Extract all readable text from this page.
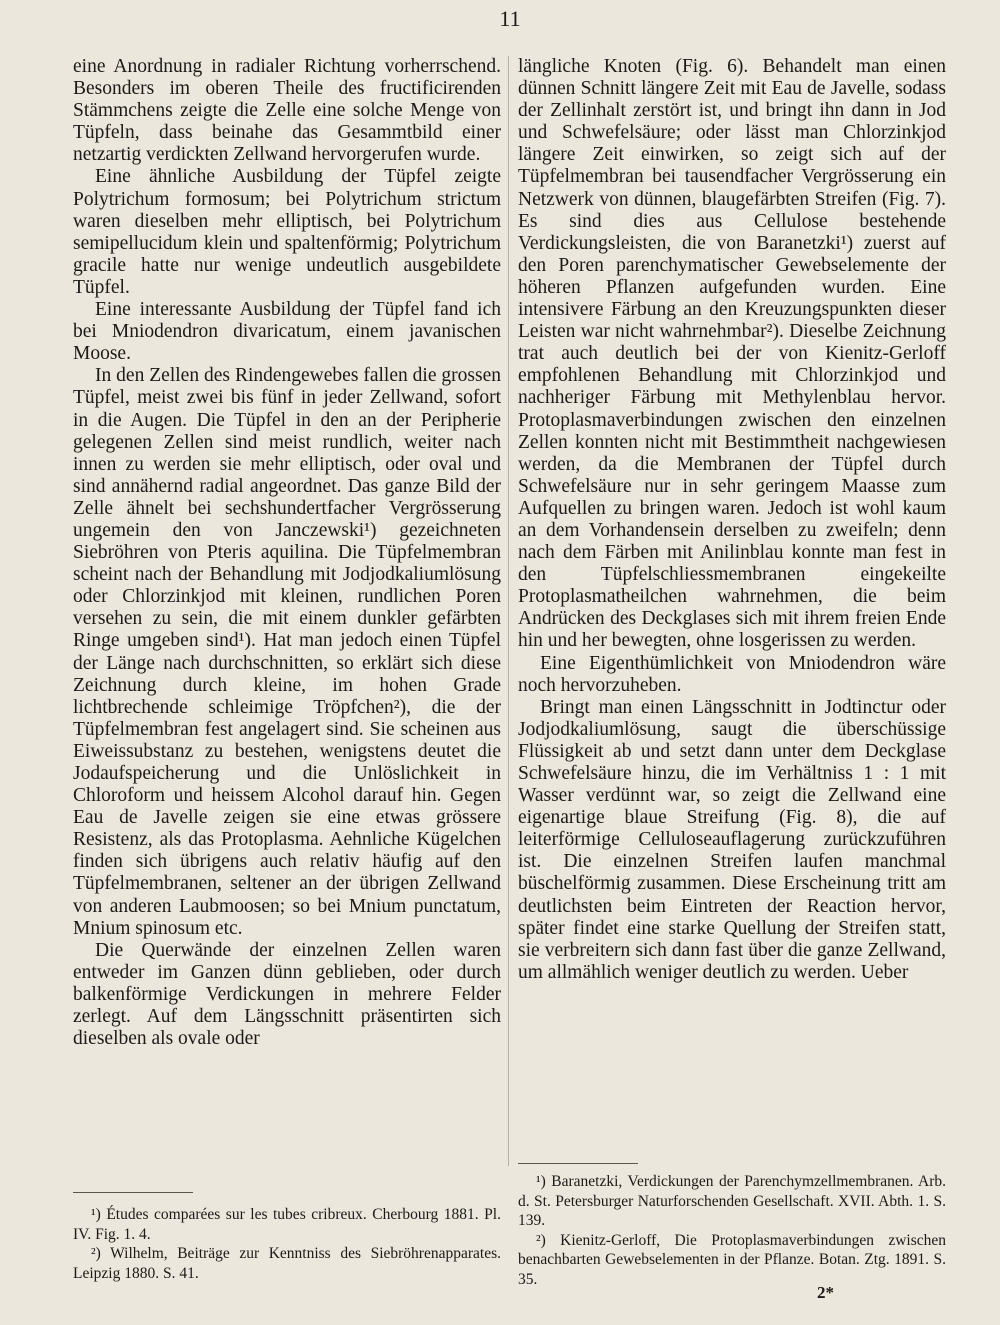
11

eine Anordnung in radialer Richtung vorherrschend. Besonders im oberen Theile des fructificirenden Stämmchens zeigte die Zelle eine solche Menge von Tüpfeln, dass beinahe das Gesammtbild einer netzartig verdickten Zellwand hervorgerufen wurde.

Eine ähnliche Ausbildung der Tüpfel zeigte Polytrichum formosum; bei Polytrichum strictum waren dieselben mehr elliptisch, bei Polytrichum semipellucidum klein und spaltenförmig; Polytrichum gracile hatte nur wenige undeutlich ausgebildete Tüpfel.

Eine interessante Ausbildung der Tüpfel fand ich bei Mniodendron divaricatum, einem javanischen Moose.

In den Zellen des Rindengewebes fallen die grossen Tüpfel, meist zwei bis fünf in jeder Zellwand, sofort in die Augen. Die Tüpfel in den an der Peripherie gelegenen Zellen sind meist rundlich, weiter nach innen zu werden sie mehr elliptisch, oder oval und sind annähernd radial angeordnet. Das ganze Bild der Zelle ähnelt bei sechshundertfacher Vergrösserung ungemein den von Janczewski¹) gezeichneten Siebröhren von Pteris aquilina. Die Tüpfelmembran scheint nach der Behandlung mit Jodjodkaliumlösung oder Chlorzinkjod mit kleinen, rundlichen Poren versehen zu sein, die mit einem dunkler gefärbten Ringe umgeben sind¹). Hat man jedoch einen Tüpfel der Länge nach durchschnitten, so erklärt sich diese Zeichnung durch kleine, im hohen Grade lichtbrechende schleimige Tröpfchen²), die der Tüpfelmembran fest angelagert sind. Sie scheinen aus Eiweissubstanz zu bestehen, wenigstens deutet die Jodaufspeicherung und die Unlöslichkeit in Chloroform und heissem Alcohol darauf hin. Gegen Eau de Javelle zeigen sie eine etwas grössere Resistenz, als das Protoplasma. Aehnliche Kügelchen finden sich übrigens auch relativ häufig auf den Tüpfelmembranen, seltener an der übrigen Zellwand von anderen Laubmoosen; so bei Mnium punctatum, Mnium spinosum etc.

Die Querwände der einzelnen Zellen waren entweder im Ganzen dünn geblieben, oder durch balkenförmige Verdickungen in mehrere Felder zerlegt. Auf dem Längsschnitt präsentirten sich dieselben als ovale oder

längliche Knoten (Fig. 6). Behandelt man einen dünnen Schnitt längere Zeit mit Eau de Javelle, sodass der Zellinhalt zerstört ist, und bringt ihn dann in Jod und Schwefelsäure; oder lässt man Chlorzinkjod längere Zeit einwirken, so zeigt sich auf der Tüpfelmembran bei tausendfacher Vergrösserung ein Netzwerk von dünnen, blaugefärbten Streifen (Fig. 7). Es sind dies aus Cellulose bestehende Verdickungsleisten, die von Baranetzki¹) zuerst auf den Poren parenchymatischer Gewebselemente der höheren Pflanzen aufgefunden wurden. Eine intensivere Färbung an den Kreuzungspunkten dieser Leisten war nicht wahrnehmbar²). Dieselbe Zeichnung trat auch deutlich bei der von Kienitz-Gerloff empfohlenen Behandlung mit Chlorzinkjod und nachheriger Färbung mit Methylenblau hervor. Protoplasmaverbindungen zwischen den einzelnen Zellen konnten nicht mit Bestimmtheit nachgewiesen werden, da die Membranen der Tüpfel durch Schwefelsäure nur in sehr geringem Maasse zum Aufquellen zu bringen waren. Jedoch ist wohl kaum an dem Vorhandensein derselben zu zweifeln; denn nach dem Färben mit Anilinblau konnte man fest in den Tüpfelschliessmembranen eingekeilte Protoplasmatheilchen wahrnehmen, die beim Andrücken des Deckglases sich mit ihrem freien Ende hin und her bewegten, ohne losgerissen zu werden.

Eine Eigenthümlichkeit von Mniodendron wäre noch hervorzuheben.

Bringt man einen Längsschnitt in Jodtinctur oder Jodjodkaliumlösung, saugt die überschüssige Flüssigkeit ab und setzt dann unter dem Deckglase Schwefelsäure hinzu, die im Verhältniss 1 : 1 mit Wasser verdünnt war, so zeigt die Zellwand eine eigenartige blaue Streifung (Fig. 8), die auf leiterförmige Celluloseauflagerung zurückzuführen ist. Die einzelnen Streifen laufen manchmal büschelförmig zusammen. Diese Erscheinung tritt am deutlichsten beim Eintreten der Reaction hervor, später findet eine starke Quellung der Streifen statt, sie verbreitern sich dann fast über die ganze Zellwand, um allmählich weniger deutlich zu werden. Ueber

¹) Études comparées sur les tubes cribreux. Cherbourg 1881. Pl. IV. Fig. 1. 4.

²) Wilhelm, Beiträge zur Kenntniss des Siebröhrenapparates. Leipzig 1880. S. 41.

¹) Baranetzki, Verdickungen der Parenchymzellmembranen. Arb. d. St. Petersburger Naturforschenden Gesellschaft. XVII. Abth. 1. S. 139.

²) Kienitz-Gerloff, Die Protoplasmaverbindungen zwischen benachbarten Gewebselementen in der Pflanze. Botan. Ztg. 1891. S. 35.

2*
